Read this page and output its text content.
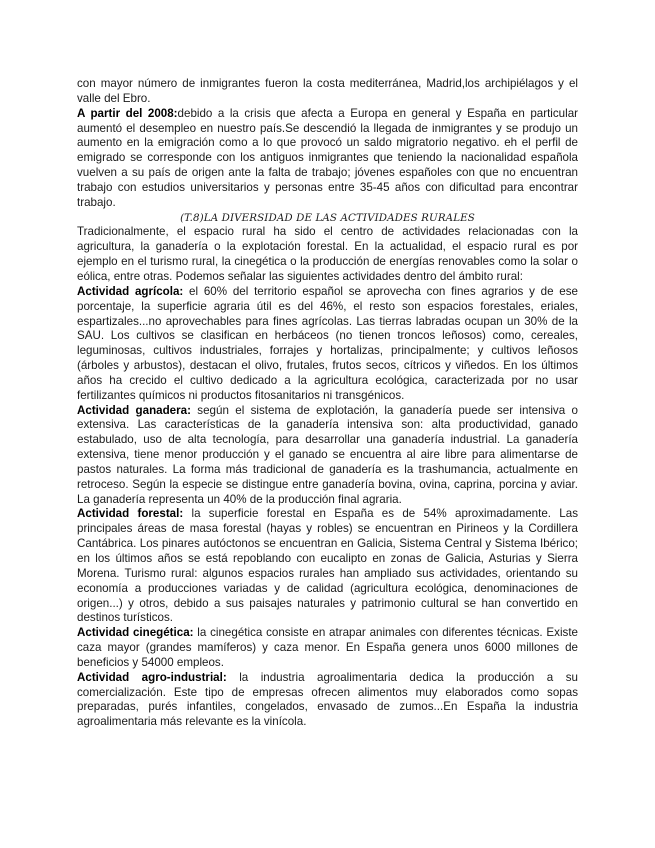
con mayor número de inmigrantes fueron la costa mediterránea, Madrid,los archipiélagos y el valle del Ebro.

A partir del 2008:debido a la crisis que afecta a Europa en general y España en particular aumentó el desempleo en nuestro país.Se descendió la llegada de inmigrantes y se produjo un aumento en la emigración como a lo que provocó un saldo migratorio negativo. eh el perfil de emigrado se corresponde con los antiguos inmigrantes que teniendo la nacionalidad española vuelven a su país de origen ante la falta de trabajo; jóvenes españoles con que no encuentran trabajo con estudios universitarios y personas entre 35-45 años con dificultad para encontrar trabajo.

(T.8)LA DIVERSIDAD DE LAS ACTIVIDADES RURALES

Tradicionalmente, el espacio rural ha sido el centro de actividades relacionadas con la agricultura, la ganadería o la explotación forestal. En la actualidad, el espacio rural es por ejemplo en el turismo rural, la cinegética o la producción de energías renovables como la solar o eólica, entre otras. Podemos señalar las siguientes actividades dentro del ámbito rural:

Actividad agrícola: el 60% del territorio español se aprovecha con fines agrarios y de ese porcentaje, la superficie agraria útil es del 46%, el resto son espacios forestales, eriales, espartizales...no aprovechables para fines agrícolas. Las tierras labradas ocupan un 30% de la SAU. Los cultivos se clasifican en herbáceos (no tienen troncos leñosos) como, cereales, leguminosas, cultivos industriales, forrajes y hortalizas, principalmente; y cultivos leñosos (árboles y arbustos), destacan el olivo, frutales, frutos secos, cítricos y viñedos. En los últimos años ha crecido el cultivo dedicado a la agricultura ecológica, caracterizada por no usar fertilizantes químicos ni productos fitosanitarios ni transgénicos.

Actividad ganadera: según el sistema de explotación, la ganadería puede ser intensiva o extensiva. Las características de la ganadería intensiva son: alta productividad, ganado estabulado, uso de alta tecnología, para desarrollar una ganadería industrial. La ganadería extensiva, tiene menor producción y el ganado se encuentra al aire libre para alimentarse de pastos naturales. La forma más tradicional de ganadería es la trashumancia, actualmente en retroceso. Según la especie se distingue entre ganadería bovina, ovina, caprina, porcina y aviar. La ganadería representa un 40% de la producción final agraria.

Actividad forestal: la superficie forestal en España es de 54% aproximadamente. Las principales áreas de masa forestal (hayas y robles) se encuentran en Pirineos y la Cordillera Cantábrica. Los pinares autóctonos se encuentran en Galicia, Sistema Central y Sistema Ibérico; en los últimos años se está repoblando con eucalipto en zonas de Galicia, Asturias y Sierra Morena. Turismo rural: algunos espacios rurales han ampliado sus actividades, orientando su economía a producciones variadas y de calidad (agricultura ecológica, denominaciones de origen...) y otros, debido a sus paisajes naturales y patrimonio cultural se han convertido en destinos turísticos.

Actividad cinegética: la cinegética consiste en atrapar animales con diferentes técnicas. Existe caza mayor (grandes mamíferos) y caza menor. En España genera unos 6000 millones de beneficios y 54000 empleos.

Actividad agro-industrial: la industria agroalimentaria dedica la producción a su comercialización. Este tipo de empresas ofrecen alimentos muy elaborados como sopas preparadas, purés infantiles, congelados, envasado de zumos...En España la industria agroalimentaria más relevante es la vinícola.
